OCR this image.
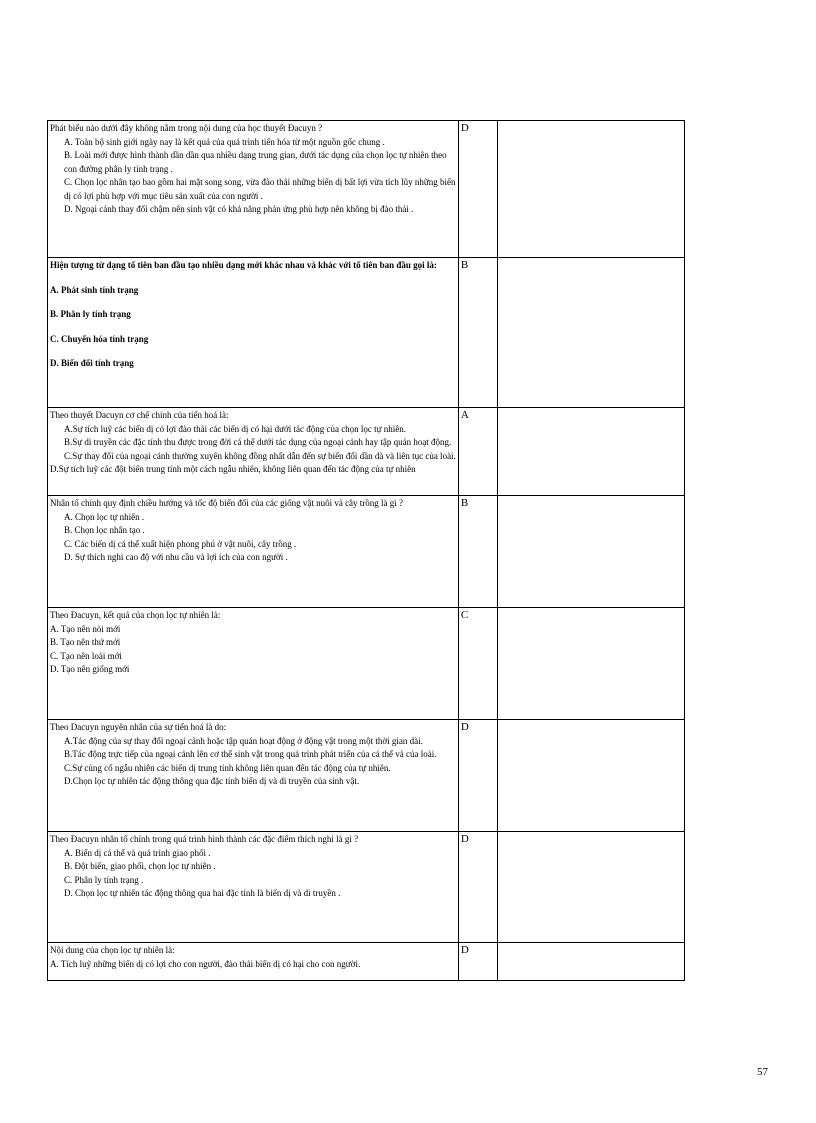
Phát biểu nào dưới đây không nằm trong nội dung của học thuyết Đacuyn ?
A. Toàn bộ sinh giới ngày nay là kết quả của quá trình tiến hóa từ một nguồn gốc chung .
B. Loài mới được hình thành dần dần qua nhiều dạng trung gian, dưới tác dụng của chọn lọc tự nhiên theo con đường phân ly tính trạng .
C. Chọn lọc nhân tạo bao gồm hai mặt song song, vừa đào thải những biến dị bất lợi vừa tích lũy những biến dị có lợi phù hợp với mục tiêu sản xuất của con người .
D. Ngoại cảnh thay đổi chậm nên sinh vật có khả năng phản ứng phù hợp nên không bị đào thải .	D	

Hiện tượng từ dạng tổ tiên ban đầu tạo nhiều dạng mới khác nhau và khác với tổ tiên ban đầu gọi là:
A. Phát sinh tính trạng
B. Phân ly tính trạng
C. Chuyển hóa tính trạng
D. Biến đổi tính trạng	B	

Theo thuyết Dacuyn cơ chế chính của tiến hoá là:
A.Sự tích luỹ các biến dị có lợi đào thải các biến dị có hại dưới tác động của chọn lọc tự nhiên.
B.Sự di truyền các đặc tính thu được trong đời cá thể dưới tác dụng của ngoại cảnh hay tập quán hoạt động.
C.Sự thay đổi của ngoại cảnh thường xuyên không đồng nhất dẫn đến sự biến đổi dần dà và liên tục của loài.
D.Sự tích luỹ các đột biến trung tính một cách ngẫu nhiên, không liên quan đến tác động của tự nhiên	A	

Nhân tố chính quy định chiều hướng và tốc độ biến đổi của các giống vật nuôi và cây trồng là gì ?
A. Chọn lọc tự nhiên .
B. Chọn lọc nhân tạo .
C. Các biến dị cá thể xuất hiện phong phú ở vật nuôi, cây trồng .
D. Sự thích nghi cao độ với nhu cầu và lợi ích của con người .	B	

Theo Đacuyn, kết quả của chọn lọc tự nhiên là:
A. Tạo nên nòi mới
B. Tạo nên thứ mới
C. Tạo nên loài mới
D. Tạo nên giống mới	C	

Theo Dacuyn nguyên nhân của sự tiến hoá là do:
A.Tác động của sự thay đổi ngoại cảnh hoặc tập quán hoạt động ở động vật trong một thời gian dài.
B.Tác động trực tiếp của ngoại cảnh lên cơ thể sinh vật trong quá trình phát triển của cá thể và của loài.
C.Sự củng cố ngẫu nhiên các biến dị trung tính không liên quan đến tác động của tự nhiên.
D.Chọn lọc tự nhiên tác động thông qua đặc tính biến dị và di truyền của sinh vật.	D	

Theo Đacuyn nhân tố chính trong quá trình hình thành các đặc điểm thích nghi là gì ?
A. Biến dị cá thể và quá trình giao phối .
B. Đột biến, giao phối, chọn lọc tự nhiên .
C. Phân ly tính trạng .
D. Chọn lọc tự nhiên tác động thông qua hai đặc tính là biến dị và di truyền .	D	

Nội dung của chọn lọc tự nhiên là:
A. Tích luỹ những biến dị có lợi cho con người, đào thải biến dị có hại cho con người.	D	
57
